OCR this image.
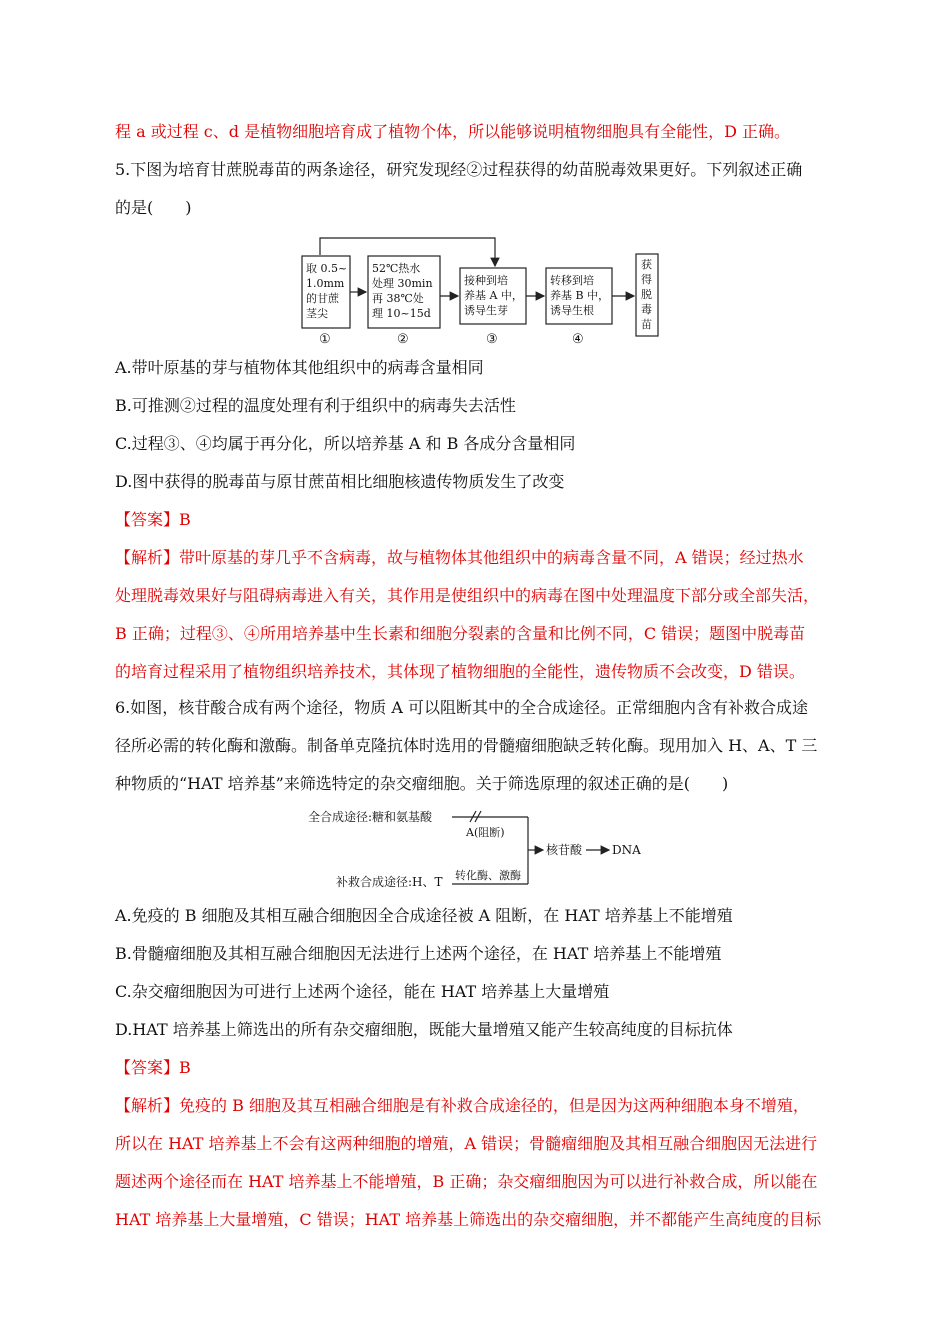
程 a 或过程 c、d 是植物细胞培育成了植物个体，所以能够说明植物细胞具有全能性，D 正确。
5.下图为培育甘蔗脱毒苗的两条途径，研究发现经②过程获得的幼苗脱毒效果更好。下列叙述正确
的是(　　)
取 0.5~
1.0mm
的甘蔗
茎尖
52℃热水
处理 30min
再 38℃处
理 10~15d
接种到培
养基 A 中，
诱导生芽
转移到培
养基 B 中，
诱导生根
获
得
脱
毒
苗
①	②	③	④
A.带叶原基的芽与植物体其他组织中的病毒含量相同
B.可推测②过程的温度处理有利于组织中的病毒失去活性
C.过程③、④均属于再分化，所以培养基 A 和 B 各成分含量相同
D.图中获得的脱毒苗与原甘蔗苗相比细胞核遗传物质发生了改变
【答案】B
【解析】带叶原基的芽几乎不含病毒，故与植物体其他组织中的病毒含量不同，A 错误；经过热水
处理脱毒效果好与阻碍病毒进入有关，其作用是使组织中的病毒在图中处理温度下部分或全部失活，
B 正确；过程③、④所用培养基中生长素和细胞分裂素的含量和比例不同，C 错误；题图中脱毒苗
的培育过程采用了植物组织培养技术，其体现了植物细胞的全能性，遗传物质不会改变，D 错误。
6.如图，核苷酸合成有两个途径，物质 A 可以阻断其中的全合成途径。正常细胞内含有补救合成途
径所必需的转化酶和激酶。制备单克隆抗体时选用的骨髓瘤细胞缺乏转化酶。现用加入 H、A、T 三
种物质的“HAT 培养基”来筛选特定的杂交瘤细胞。关于筛选原理的叙述正确的是(　　)
全合成途径:糖和氨基酸
A(阻断)
补救合成途径:H、T 转化酶、激酶
核苷酸 DNA
A.免疫的 B 细胞及其相互融合细胞因全合成途径被 A 阻断，在 HAT 培养基上不能增殖
B.骨髓瘤细胞及其相互融合细胞因无法进行上述两个途径，在 HAT 培养基上不能增殖
C.杂交瘤细胞因为可进行上述两个途径，能在 HAT 培养基上大量增殖
D.HAT 培养基上筛选出的所有杂交瘤细胞，既能大量增殖又能产生较高纯度的目标抗体
【答案】B
【解析】免疫的 B 细胞及其互相融合细胞是有补救合成途径的，但是因为这两种细胞本身不增殖，
所以在 HAT 培养基上不会有这两种细胞的增殖，A 错误；骨髓瘤细胞及其相互融合细胞因无法进行
题述两个途径而在 HAT 培养基上不能增殖，B 正确；杂交瘤细胞因为可以进行补救合成，所以能在
HAT 培养基上大量增殖，C 错误；HAT 培养基上筛选出的杂交瘤细胞，并不都能产生高纯度的目标
